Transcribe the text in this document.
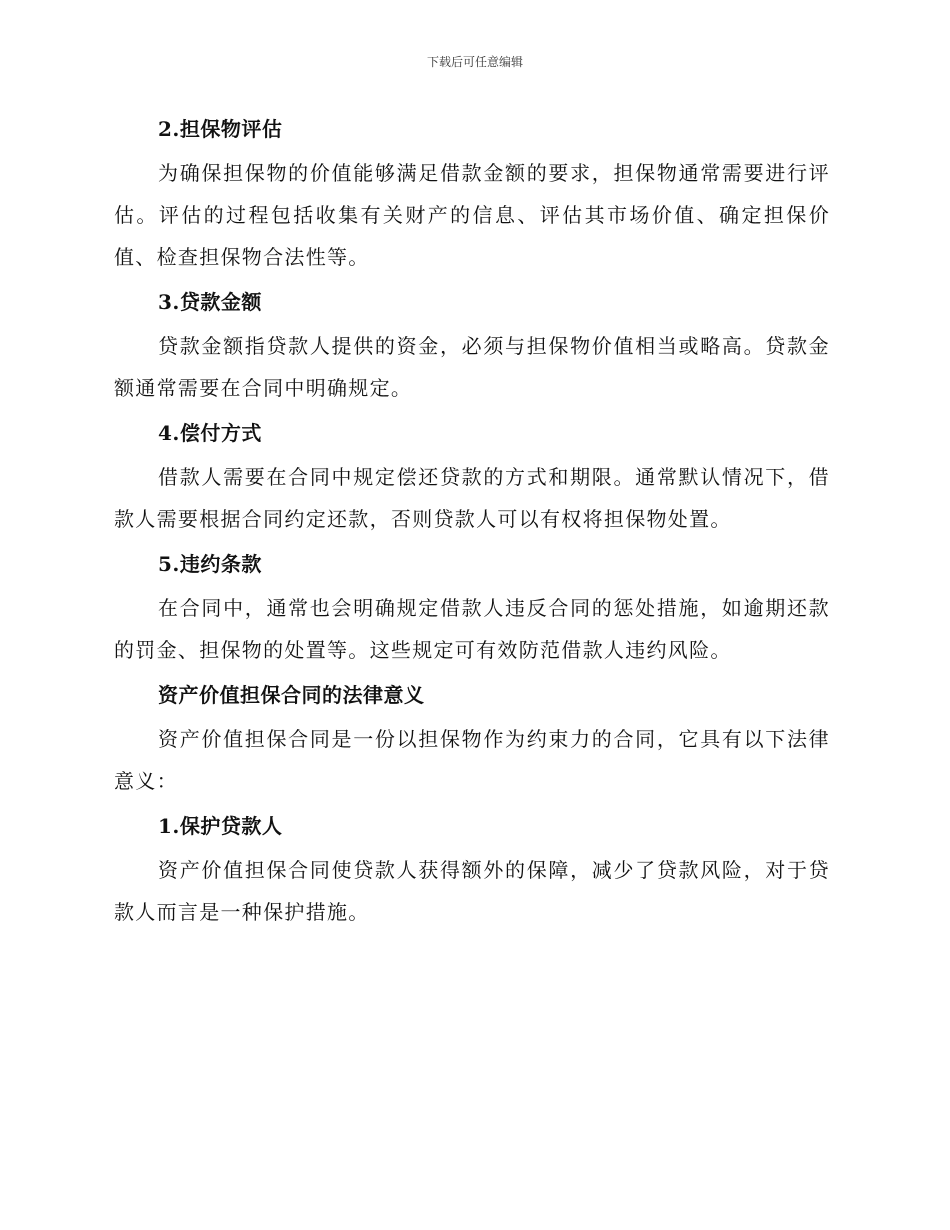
下载后可任意编辑
2.担保物评估

为确保担保物的价值能够满足借款金额的要求，担保物通常需要进行评估。评估的过程包括收集有关财产的信息、评估其市场价值、确定担保价值、检查担保物合法性等。

3.贷款金额

贷款金额指贷款人提供的资金，必须与担保物价值相当或略高。贷款金额通常需要在合同中明确规定。

4.偿付方式

借款人需要在合同中规定偿还贷款的方式和期限。通常默认情况下，借款人需要根据合同约定还款，否则贷款人可以有权将担保物处置。

5.违约条款

在合同中，通常也会明确规定借款人违反合同的惩处措施，如逾期还款的罚金、担保物的处置等。这些规定可有效防范借款人违约风险。

资产价值担保合同的法律意义

资产价值担保合同是一份以担保物作为约束力的合同，它具有以下法律意义：

1.保护贷款人

资产价值担保合同使贷款人获得额外的保障，减少了贷款风险，对于贷款人而言是一种保护措施。
